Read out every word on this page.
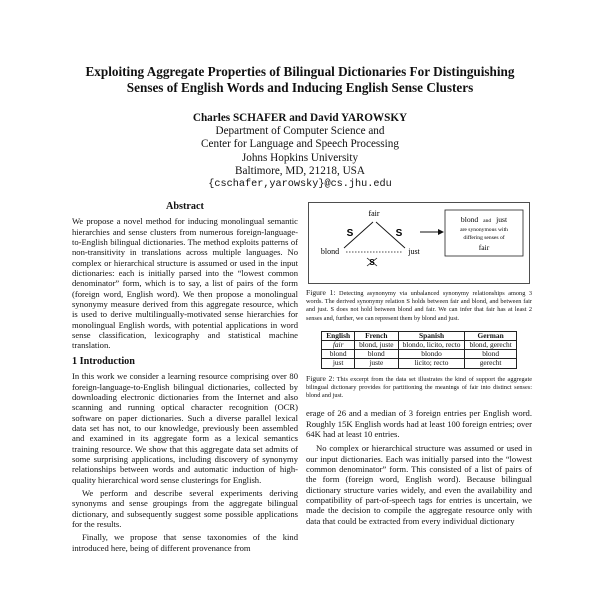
Exploiting Aggregate Properties of Bilingual Dictionaries For Distinguishing
Senses of English Words and Inducing English Sense Clusters
Charles SCHAFER and David YAROWSKY
Department of Computer Science and
Center for Language and Speech Processing
Johns Hopkins University
Baltimore, MD, 21218, USA
{cschafer,yarowsky}@cs.jhu.edu
Abstract

We propose a novel method for inducing monolingual semantic hierarchies and sense clusters from numerous foreign-language-to-English bilingual dictionaries. The method exploits patterns of non-transitivity in translations across multiple languages. No complex or hierarchical structure is assumed or used in the input dictionaries: each is initially parsed into the “lowest common denominator” form, which is to say, a list of pairs of the form (foreign word, English word). We then propose a monolingual synonymy measure derived from this aggregate resource, which is used to derive multilingually-motivated sense hierarchies for monolingual English words, with potential applications in word sense classification, lexicography and statistical machine translation.

1 Introduction

In this work we consider a learning resource comprising over 80 foreign-language-to-English bilingual dictionaries, collected by downloading electronic dictionaries from the Internet and also scanning and running optical character recognition (OCR) software on paper dictionaries. Such a diverse parallel lexical data set has not, to our knowledge, previously been assembled and examined in its aggregate form as a lexical semantics training resource. We show that this aggregate data set admits of some surprising applications, including discovery of synonymy relationships between words and automatic induction of high-quality hierarchical word sense clusterings for English.

We perform and describe several experiments deriving synonyms and sense groupings from the aggregate bilingual dictionary, and subsequently suggest some possible applications for the results.

Finally, we propose that sense taxonomies of the kind introduced here, being of different provenance from

fair
blond	just
S	S
S
blond and just
are synonymous with
differing senses of
fair
Figure 1: Detecting asynonymy via unbalanced synonymy relationships among 3 words. The derived synonymy relation S holds between fair and blond, and between fair and just. S does not hold between blond and fair. We can infer that fair has at least 2 senses and, further, we can represent them by blond and just.
English	French	Spanish	German
fair	blond, juste	blondo, licito, recto	blond, gerecht
blond	blond	blondo	blond
just	juste	licito; recto	gerecht
Figure 2: This excerpt from the data set illustrates the kind of support the aggregate bilingual dictionary provides for partitioning the meanings of fair into distinct senses: blond and just.

erage of 26 and a median of 3 foreign entries per English word. Roughly 15K English words had at least 100 foreign entries; over 64K had at least 10 entries.

No complex or hierarchical structure was assumed or used in our input dictionaries. Each was initially parsed into the “lowest common denominator” form. This consisted of a list of pairs of the form (foreign word, English word). Because bilingual dictionary structure varies widely, and even the availability and compatibility of part-of-speech tags for entries is uncertain, we made the decision to compile the aggregate resource only with data that could be extracted from every individual dictionary
